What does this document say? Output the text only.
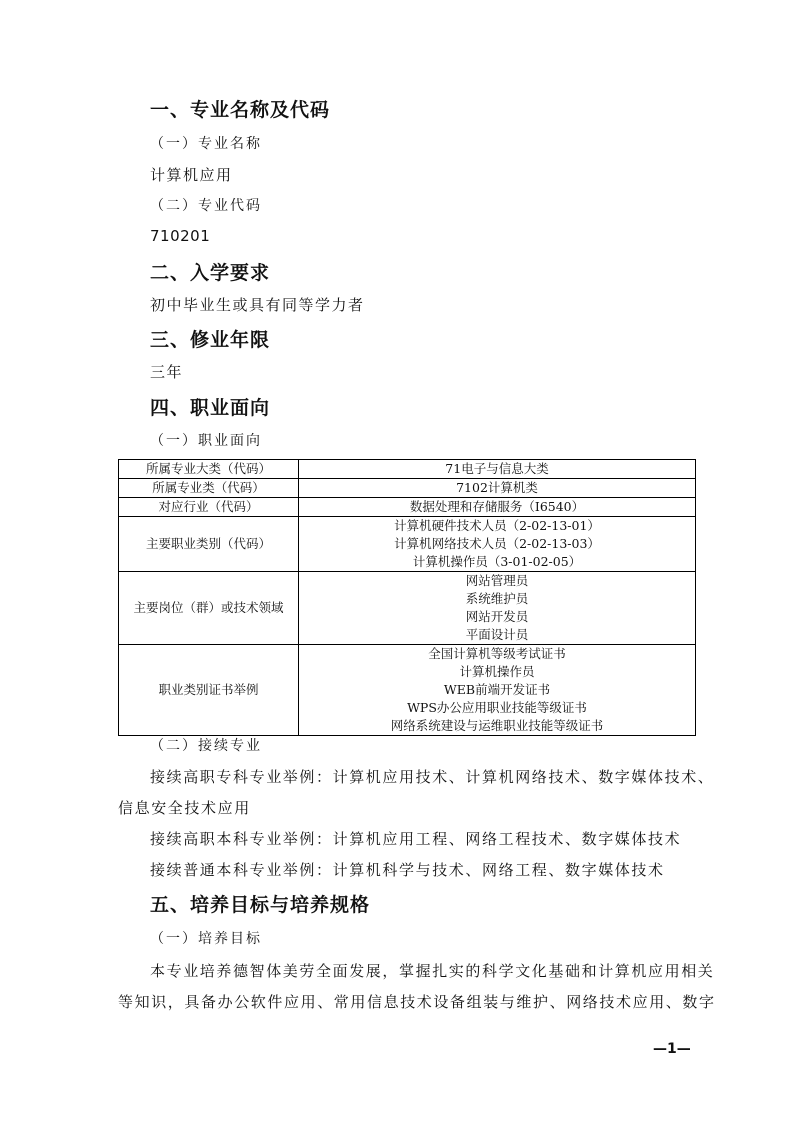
一、专业名称及代码
（一）专业名称
计算机应用
（二）专业代码
710201
二、入学要求
初中毕业生或具有同等学力者
三、修业年限
三年
四、职业面向
（一）职业面向
所属专业大类（代码）	71电子与信息大类
所属专业类（代码）	7102计算机类
对应行业（代码）	数据处理和存储服务（I6540）
主要职业类别（代码）	计算机硬件技术人员（2-02-13-01）
计算机网络技术人员（2-02-13-03）
计算机操作员（3-01-02-05）

主要岗位（群）或技术领域	网站管理员
系统维护员
网站开发员
平面设计员

职业类别证书举例	全国计算机等级考试证书
计算机操作员
WEB前端开发证书
WPS办公应用职业技能等级证书
网络系统建设与运维职业技能等级证书
（二）接续专业
接续高职专科专业举例：计算机应用技术、计算机网络技术、数字媒体技术、
信息安全技术应用
接续高职本科专业举例：计算机应用工程、网络工程技术、数字媒体技术
接续普通本科专业举例：计算机科学与技术、网络工程、数字媒体技术
五、培养目标与培养规格
（一）培养目标
本专业培养德智体美劳全面发展，掌握扎实的科学文化基础和计算机应用相关
等知识，具备办公软件应用、常用信息技术设备组装与维护、网络技术应用、数字
—1—
